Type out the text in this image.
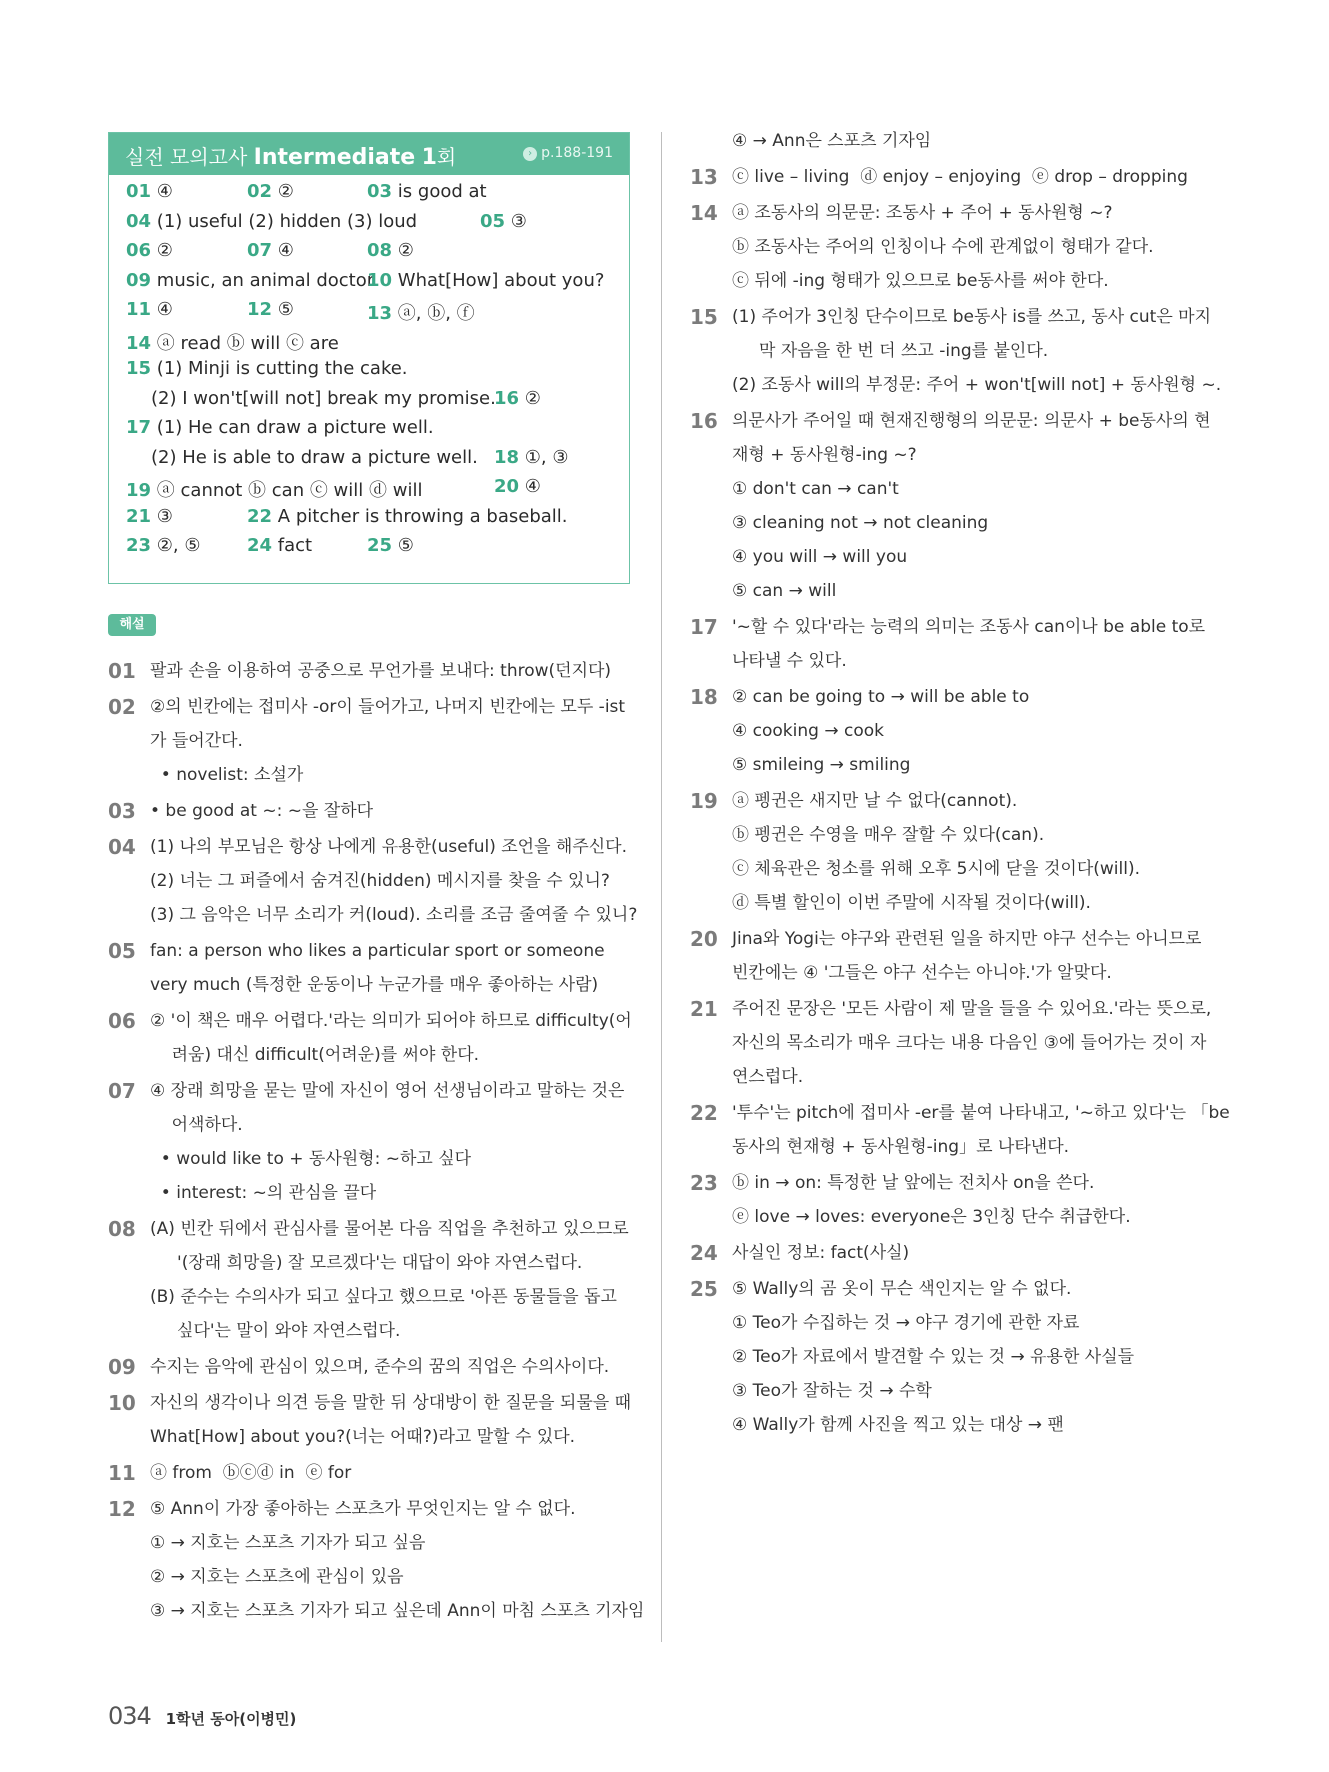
실전 모의고사 Intermediate 1회	› p.188-191
01 ④	02 ②	03 is good at
04 (1) useful (2) hidden (3) loud	05 ③
06 ②	07 ④	08 ②
09 music, an animal doctor
10 What[How] about you?
11 ④	12 ⑤	13 ⓐ, ⓑ, ⓕ
14 ⓐ read ⓑ will ⓒ are
15 (1) Minji is cutting the cake.
(2) I won't[will not] break my promise.
16 ②
17 (1) He can draw a picture well.
(2) He is able to draw a picture well. 18 ①, ③
19 ⓐ cannot ⓑ can ⓒ will ⓓ will	20 ④
21 ③	22 A pitcher is throwing a baseball.
23 ②, ⑤	24 fact	25 ⑤
해설
01 팔과 손을 이용하여 공중으로 무언가를 보내다: throw(던지다)
02 ②의 빈칸에는 접미사 -or이 들어가고, 나머지 빈칸에는 모두 -ist
가 들어간다.
• novelist: 소설가
03 • be good at ~: ~을 잘하다
04 (1) 나의 부모님은 항상 나에게 유용한(useful) 조언을 해주신다.
(2) 너는 그 퍼즐에서 숨겨진(hidden) 메시지를 찾을 수 있니?
(3) 그 음악은 너무 소리가 커(loud). 소리를 조금 줄여줄 수 있니?
05 fan: a person who likes a particular sport or someone
very much (특정한 운동이나 누군가를 매우 좋아하는 사람)
06 ② '이 책은 매우 어렵다.'라는 의미가 되어야 하므로 difficulty(어
려움) 대신 difficult(어려운)를 써야 한다.
07 ④ 장래 희망을 묻는 말에 자신이 영어 선생님이라고 말하는 것은
어색하다.
• would like to + 동사원형: ~하고 싶다
• interest: ~의 관심을 끌다
08 (A) 빈칸 뒤에서 관심사를 물어본 다음 직업을 추천하고 있으므로
'(장래 희망을) 잘 모르겠다'는 대답이 와야 자연스럽다.
(B) 준수는 수의사가 되고 싶다고 했으므로 '아픈 동물들을 돕고
싶다'는 말이 와야 자연스럽다.
09 수지는 음악에 관심이 있으며, 준수의 꿈의 직업은 수의사이다.
10 자신의 생각이나 의견 등을 말한 뒤 상대방이 한 질문을 되물을 때
What[How] about you?(너는 어때?)라고 말할 수 있다.
11 ⓐ from  ⓑⓒⓓ in  ⓔ for
12 ⑤ Ann이 가장 좋아하는 스포츠가 무엇인지는 알 수 없다.
① → 지호는 스포츠 기자가 되고 싶음
② → 지호는 스포츠에 관심이 있음
③ → 지호는 스포츠 기자가 되고 싶은데 Ann이 마침 스포츠 기자임
④ → Ann은 스포츠 기자임
13 ⓒ live – living  ⓓ enjoy – enjoying  ⓔ drop – dropping
14 ⓐ 조동사의 의문문: 조동사 + 주어 + 동사원형 ~?
ⓑ 조동사는 주어의 인칭이나 수에 관계없이 형태가 같다.
ⓒ 뒤에 -ing 형태가 있으므로 be동사를 써야 한다.
15 (1) 주어가 3인칭 단수이므로 be동사 is를 쓰고, 동사 cut은 마지
막 자음을 한 번 더 쓰고 -ing를 붙인다.
(2) 조동사 will의 부정문: 주어 + won't[will not] + 동사원형 ~.
16 의문사가 주어일 때 현재진행형의 의문문: 의문사 + be동사의 현
재형 + 동사원형-ing ~?
① don't can → can't
③ cleaning not → not cleaning
④ you will → will you
⑤ can → will
17 '~할 수 있다'라는 능력의 의미는 조동사 can이나 be able to로
나타낼 수 있다.
18 ② can be going to → will be able to
④ cooking → cook
⑤ smileing → smiling
19 ⓐ 펭귄은 새지만 날 수 없다(cannot).
ⓑ 펭귄은 수영을 매우 잘할 수 있다(can).
ⓒ 체육관은 청소를 위해 오후 5시에 닫을 것이다(will).
ⓓ 특별 할인이 이번 주말에 시작될 것이다(will).
20 Jina와 Yogi는 야구와 관련된 일을 하지만 야구 선수는 아니므로
빈칸에는 ④ '그들은 야구 선수는 아니야.'가 알맞다.
21 주어진 문장은 '모든 사람이 제 말을 들을 수 있어요.'라는 뜻으로,
자신의 목소리가 매우 크다는 내용 다음인 ③에 들어가는 것이 자
연스럽다.
22 '투수'는 pitch에 접미사 -er를 붙여 나타내고, '~하고 있다'는 「be
동사의 현재형 + 동사원형-ing」로 나타낸다.
23 ⓑ in → on: 특정한 날 앞에는 전치사 on을 쓴다.
ⓔ love → loves: everyone은 3인칭 단수 취급한다.
24 사실인 정보: fact(사실)
25 ⑤ Wally의 곰 옷이 무슨 색인지는 알 수 없다.
① Teo가 수집하는 것 → 야구 경기에 관한 자료
② Teo가 자료에서 발견할 수 있는 것 → 유용한 사실들
③ Teo가 잘하는 것 → 수학
④ Wally가 함께 사진을 찍고 있는 대상 → 팬
034 1학년 동아(이병민)
